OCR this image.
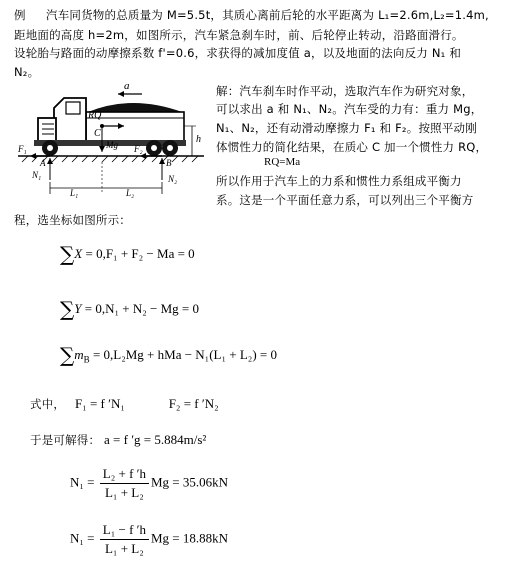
例 汽车同货物的总质量为 M=5.5t，其质心离前后轮的水平距离为 L₁=2.6m,L₂=1.4m,
距地面的高度 h=2m，如图所示，汽车紧急刹车时，前、后轮停止转动，沿路面滑行。
设轮胎与路面的动摩擦系数 f'=0.6，求获得的减加度值 a，以及地面的法向反力 N₁ 和
N₂。
a
RQ
C
Mg
F₁	F₂
N₁	N₂
L₁	L₂
h
A	B
解：汽车刹车时作平动，选取汽车作为研究对象，
可以求出 a 和 N₁、N₂。汽车受的力有：重力 Mg，
N₁、N₂，还有动滑动摩擦力 F₁ 和 F₂。按照平动刚
体惯性力的简化结果，在质心 C 加一个惯性力 RQ，
RQ=Ma
所以作用于汽车上的力系和惯性力系组成平衡力
系。这是一个平面任意力系，可以列出三个平衡方
程，选坐标如图所示：
∑X = 0,F₁ + F₂ − Ma = 0
∑Y = 0,N₁ + N₂ − Mg = 0
$\sum m_B = 0,L_2Mg$ + hMa − N₁(L₁ + L₂) = 0
式中， F₁ = f ′N₁	F₂ = f ′N₂
于是可解得： a = f ′g = 5.884m/s²
$N_1 = \frac{\text{L₂ + f ′h}}{\text{L₁ + L₂}}$ Mg = 35.06kN
$N_1 = \frac{\text{L₁ − f ′h}}{\text{L₁ + L₂}}$ Mg = 18.88kN
